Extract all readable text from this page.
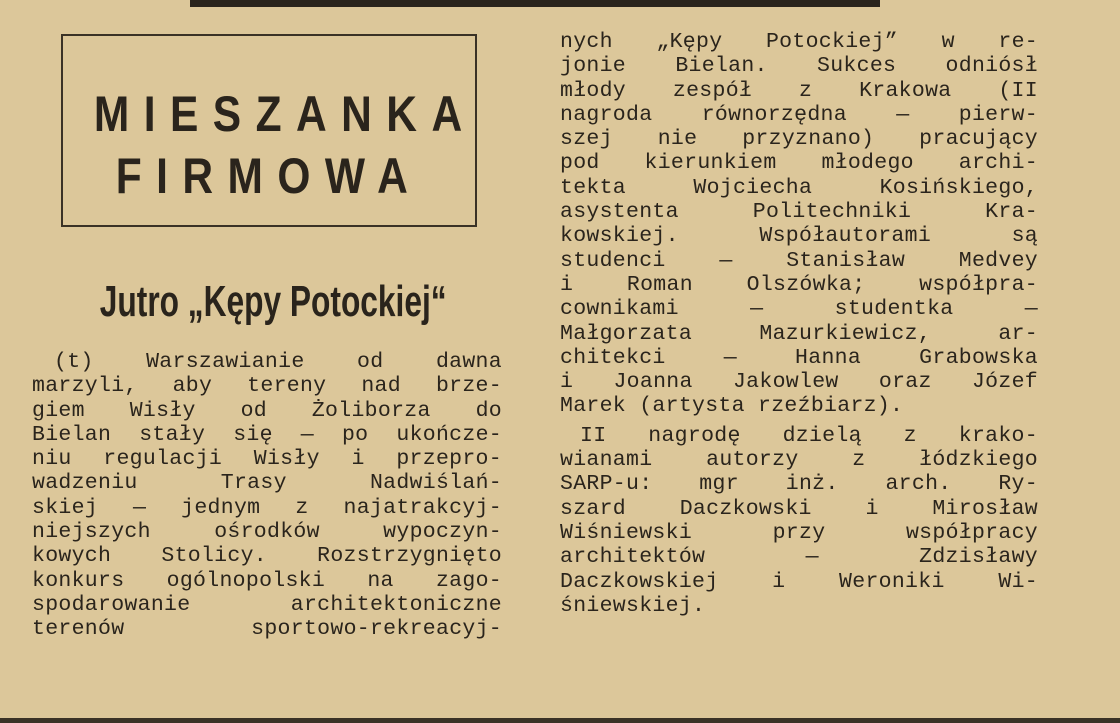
MIESZANKA
FIRMOWA
Jutro „Kępy Potockiej“
(t) Warszawianie od dawna
marzyli, aby tereny nad brze-
giem Wisły od Żoliborza do
Bielan stały się — po ukończe-
niu regulacji Wisły i przepro-
wadzeniu	Trasy	Nadwiślań-
skiej — jednym z najatrakcyj-
niejszych	ośrodków	wypoczyn-
kowych Stolicy. Rozstrzygnięto
konkurs ogólnopolski na zago-
spodarowanie	architektoniczne
terenów	sportowo-rekreacyj-
nych „Kępy Potockiej” w re-
jonie Bielan. Sukces odniósł
młody zespół z Krakowa (II
nagroda równorzędna — pierw-
szej nie przyznano) pracujący
pod kierunkiem młodego archi-
tekta	Wojciecha	Kosińskiego,
asystenta	Politechniki	Kra-
kowskiej.	Współautorami	są
studenci — Stanisław Medvey
i Roman Olszówka; współpra-
cownikami	—	studentka	—
Małgorzata	Mazurkiewicz,	ar-
chitekci	—	Hanna	Grabowska
i Joanna Jakowlew oraz Józef
Marek (artysta rzeźbiarz).
II nagrodę dzielą z krako-
wianami autorzy z łódzkiego
SARP-u: mgr inż. arch. Ry-
szard Daczkowski i Mirosław
Wiśniewski	przy	współpracy
architektów	—	Zdzisławy
Daczkowskiej i Weroniki Wi-
śniewskiej.
